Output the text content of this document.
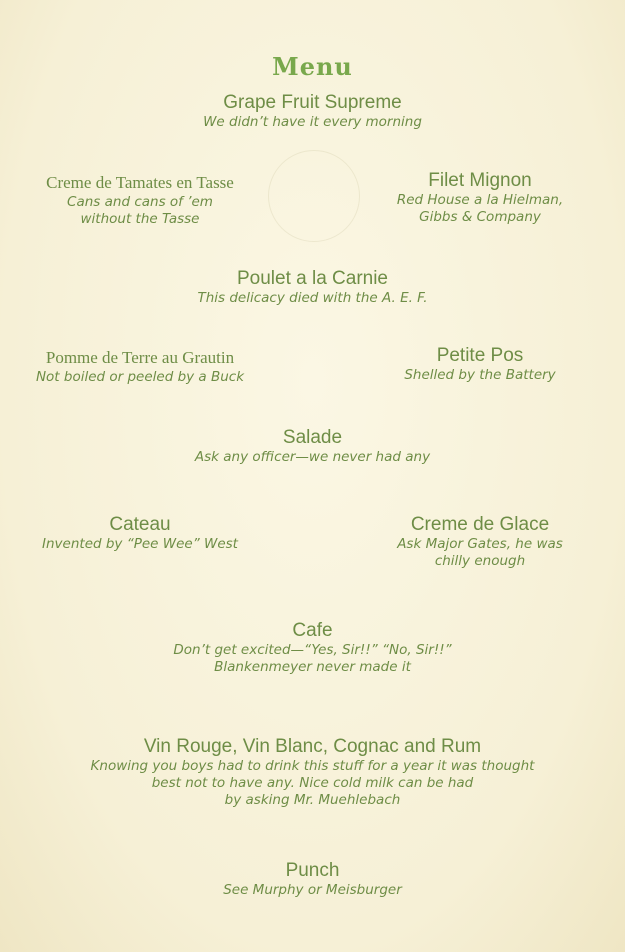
Menu
Grape Fruit Supreme
We didn’t have it every morning
Creme de Tamates en Tasse
Cans and cans of ’em
without the Tasse
Filet Mignon
Red House a la Hielman,
Gibbs & Company
Poulet a la Carnie
This delicacy died with the A. E. F.
Pomme de Terre au Grautin
Not boiled or peeled by a Buck
Petite Pos
Shelled by the Battery
Salade
Ask any officer—we never had any
Cateau
Invented by “Pee Wee” West
Creme de Glace
Ask Major Gates, he was
chilly enough
Cafe
Don’t get excited—“Yes, Sir!!” “No, Sir!!”
Blankenmeyer never made it
Vin Rouge, Vin Blanc, Cognac and Rum
Knowing you boys had to drink this stuff for a year it was thought
best not to have any. Nice cold milk can be had
by asking Mr. Muehlebach
Punch
See Murphy or Meisburger
